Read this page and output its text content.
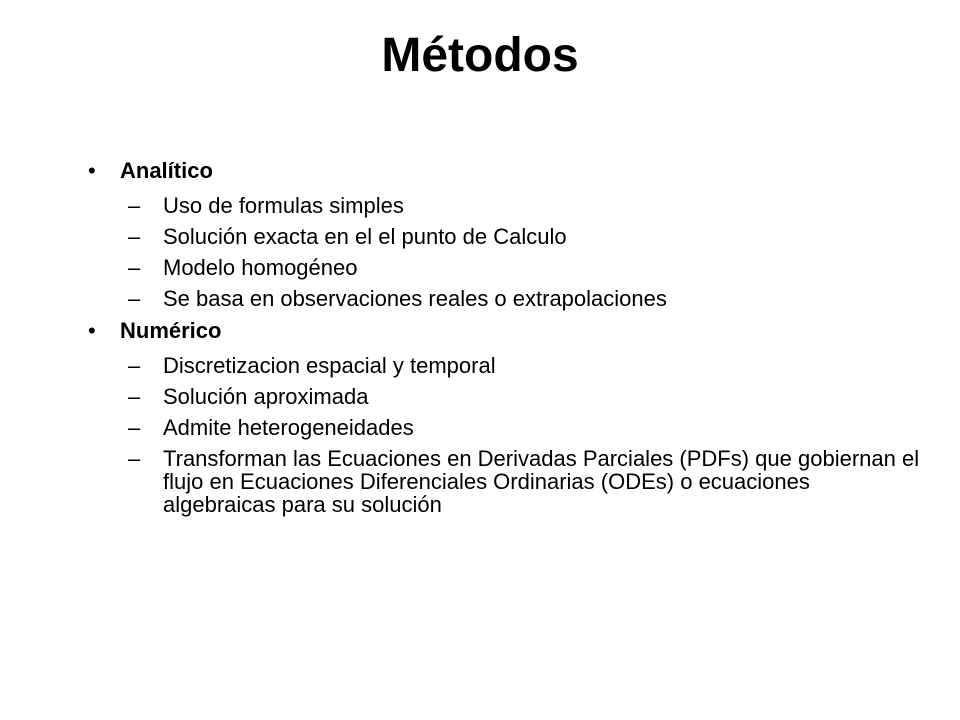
Métodos
• Analítico
– Uso de formulas simples
– Solución exacta en el el punto de Calculo
– Modelo homogéneo
– Se basa en observaciones reales o extrapolaciones
• Numérico
– Discretizacion espacial y temporal
– Solución aproximada
– Admite heterogeneidades
– Transforman las Ecuaciones en Derivadas Parciales (PDFs) que gobiernan el flujo en Ecuaciones Diferenciales Ordinarias (ODEs) o ecuaciones algebraicas para su solución
